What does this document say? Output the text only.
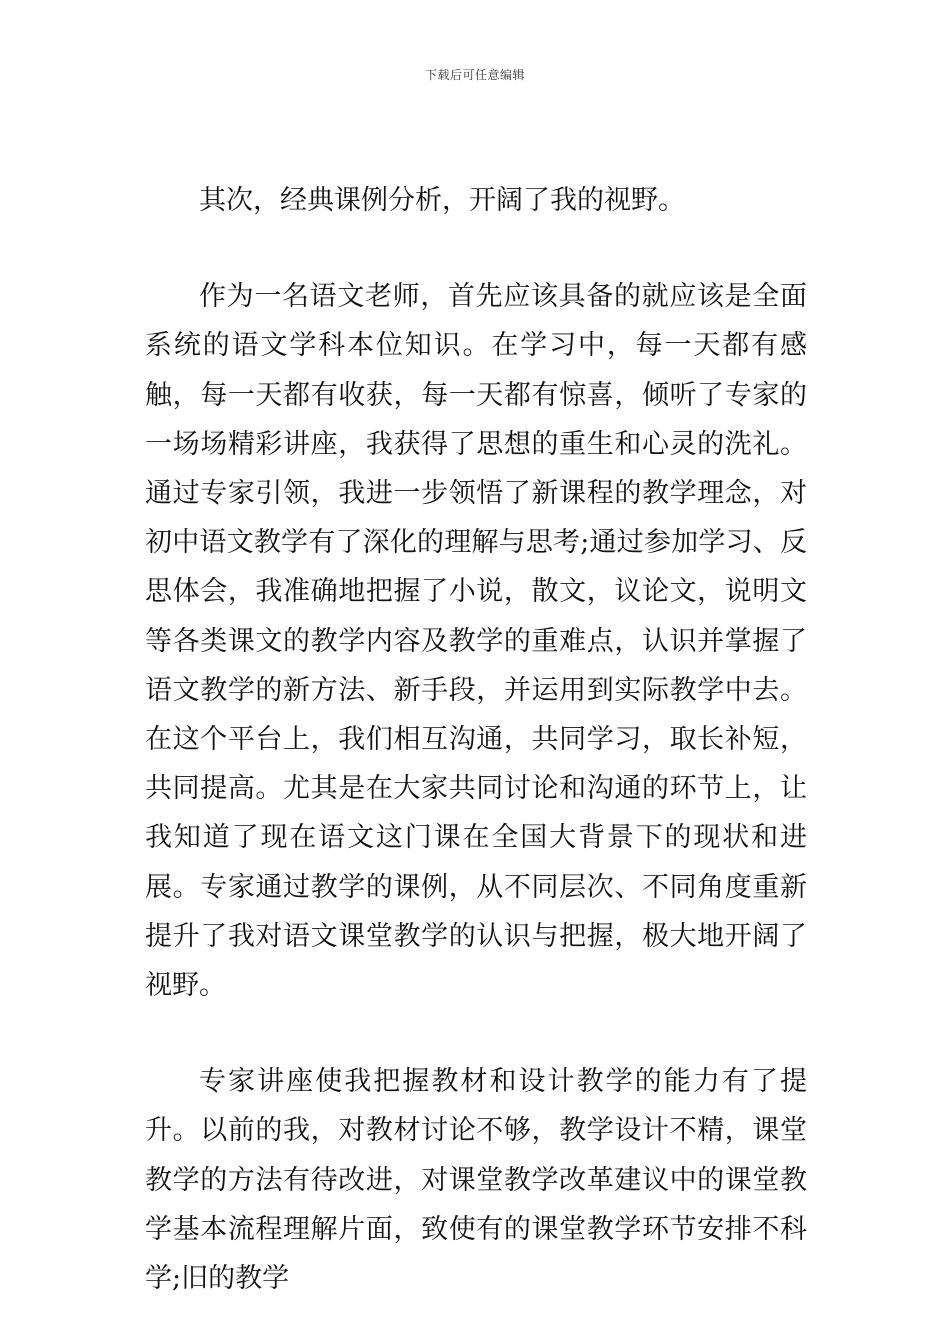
下载后可任意编辑

其次，经典课例分析，开阔了我的视野。

作为一名语文老师，首先应该具备的就应该是全面系统的语文学科本位知识。在学习中，每一天都有感触，每一天都有收获，每一天都有惊喜，倾听了专家的一场场精彩讲座，我获得了思想的重生和心灵的洗礼。通过专家引领，我进一步领悟了新课程的教学理念，对初中语文教学有了深化的理解与思考;通过参加学习、反思体会，我准确地把握了小说，散文，议论文，说明文等各类课文的教学内容及教学的重难点，认识并掌握了语文教学的新方法、新手段，并运用到实际教学中去。在这个平台上，我们相互沟通，共同学习，取长补短，共同提高。尤其是在大家共同讨论和沟通的环节上，让我知道了现在语文这门课在全国大背景下的现状和进展。专家通过教学的课例，从不同层次、不同角度重新提升了我对语文课堂教学的认识与把握，极大地开阔了视野。

专家讲座使我把握教材和设计教学的能力有了提升。以前的我，对教材讨论不够，教学设计不精，课堂教学的方法有待改进，对课堂教学改革建议中的课堂教学基本流程理解片面，致使有的课堂教学环节安排不科学;旧的教学
